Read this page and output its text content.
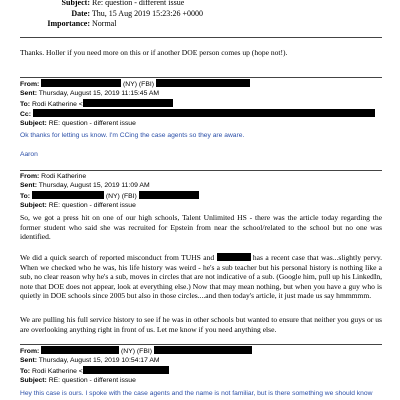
Subject: Re: question - different issue
Date: Thu, 15 Aug 2019 15:23:26 +0000
Importance: Normal
Thanks. Holler if you need more on this or if another DOE person comes up (hope not!).
From:	(NY) (FBI)
Sent: Thursday, August 15, 2019 11:15:45 AM
To: Rodi Katherine <
Cc:
Subject: RE: question - different issue
Ok thanks for letting us know. I'm CCing the case agents so they are aware.
Aaron
From: Rodi Katherine
Sent: Thursday, August 15, 2019 11:09 AM
To:	(NY) (FBI)
Subject: RE: question - different issue
So, we got a press hit on one of our high schools, Talent Unlimited HS - there was the article today regarding the former student who said she was recruited for Epstein from near the school/related to the school but no one was identified.
We did a quick search of reported misconduct from TUHS and	has a recent case that was...slightly pervy. When we checked who he was, his life history was weird - he's a sub teacher but his personal history is nothing like a sub, no clear reason why he's a sub, moves in circles that are not indicative of a sub. (Google him, pull up his LinkedIn, note that DOE does not appear, look at everything else.) Now that may mean nothing, but when you have a guy who is quietly in DOE schools since 2005 but also in those circles....and then today's article, it just made us say hmmmmm.
We are pulling his full service history to see if he was in other schools but wanted to ensure that neither you guys or us are overlooking anything right in front of us. Let me know if you need anything else.
From:	(NY) (FBI)
Sent: Thursday, August 15, 2019 10:54:17 AM
To: Rodi Katherine <
Subject: RE: question - different issue
Hey this case is ours. I spoke with the case agents and the name is not familiar, but is there something we should know
